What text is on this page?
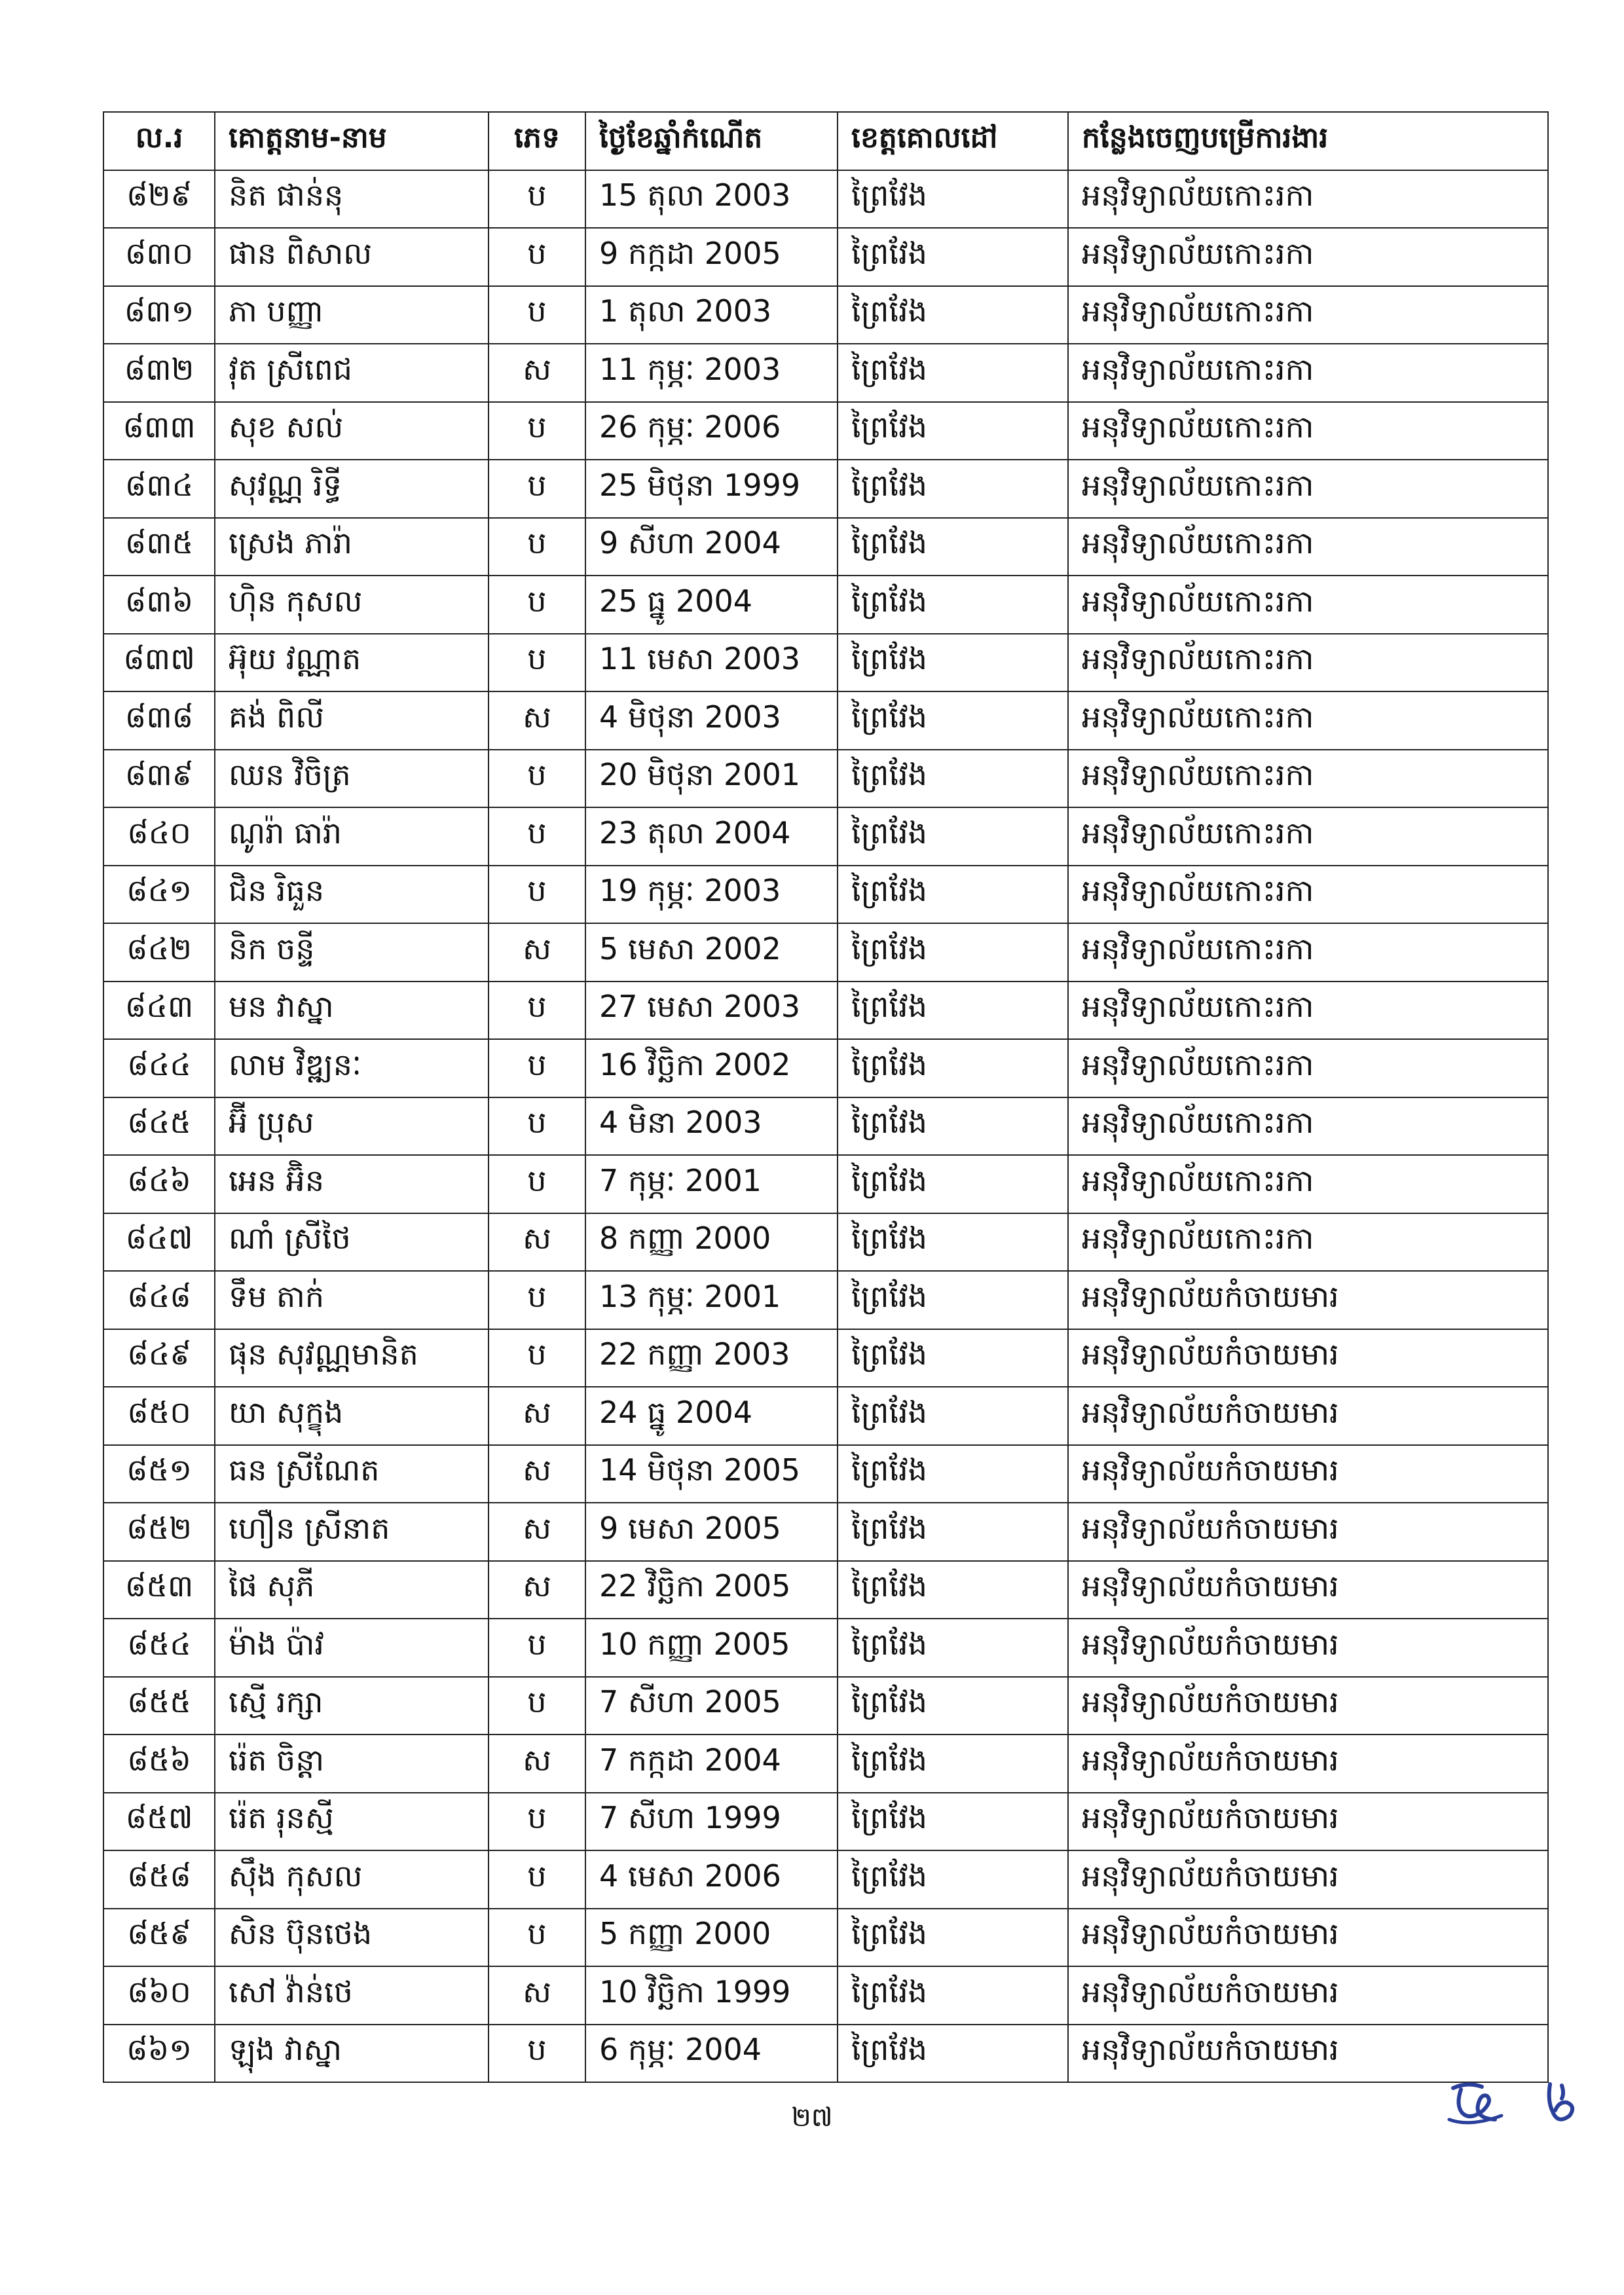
ល.រ	គោត្តនាម-នាម	ភេទ	ថ្ងៃខែឆ្នាំកំណើត	ខេត្តគោលដៅ	កន្លែងចេញបម្រើការងារ
៨២៩	និត ផាន់នុ	ប	15 តុលា 2003	ព្រៃវែង	អនុវិទ្យាល័យកោះរកា
៨៣០	ផាន ពិសាល	ប	9 កក្កដា 2005	ព្រៃវែង	អនុវិទ្យាល័យកោះរកា
៨៣១	ភា បញ្ញា	ប	1 តុលា 2003	ព្រៃវែង	អនុវិទ្យាល័យកោះរកា
៨៣២	វុត ស្រីពេជ	ស	11 កុម្ភៈ 2003	ព្រៃវែង	អនុវិទ្យាល័យកោះរកា
៨៣៣	សុខ សល់	ប	26 កុម្ភៈ 2006	ព្រៃវែង	អនុវិទ្យាល័យកោះរកា
៨៣៤	សុវណ្ណ រិទ្ធី	ប	25 មិថុនា 1999	ព្រៃវែង	អនុវិទ្យាល័យកោះរកា
៨៣៥	ស្រេង ភារ៉ា	ប	9 សីហា 2004	ព្រៃវែង	អនុវិទ្យាល័យកោះរកា
៨៣៦	ហ៊ិន កុសល	ប	25 ធ្នូ 2004	ព្រៃវែង	អនុវិទ្យាល័យកោះរកា
៨៣៧	អ៊ុយ វណ្ណាត	ប	11 មេសា 2003	ព្រៃវែង	អនុវិទ្យាល័យកោះរកា
៨៣៨	គង់ ពិលី	ស	4 មិថុនា 2003	ព្រៃវែង	អនុវិទ្យាល័យកោះរកា
៨៣៩	ឈន វិចិត្រ	ប	20 មិថុនា 2001	ព្រៃវែង	អនុវិទ្យាល័យកោះរកា
៨៤០	ណូរ៉ា ធារ៉ា	ប	23 តុលា 2004	ព្រៃវែង	អនុវិទ្យាល័យកោះរកា
៨៤១	ជិន រិធួន	ប	19 កុម្ភៈ 2003	ព្រៃវែង	អនុវិទ្យាល័យកោះរកា
៨៤២	និក ចន្ទី	ស	5 មេសា 2002	ព្រៃវែង	អនុវិទ្យាល័យកោះរកា
៨៤៣	មន វាស្នា	ប	27 មេសា 2003	ព្រៃវែង	អនុវិទ្យាល័យកោះរកា
៨៤៤	លាម វិឌ្ឍនៈ	ប	16 វិច្ឆិកា 2002	ព្រៃវែង	អនុវិទ្យាល័យកោះរកា
៨៤៥	អ៊ី ប្រុស	ប	4 មិនា 2003	ព្រៃវែង	អនុវិទ្យាល័យកោះរកា
៨៤៦	អេន អ៊ិន	ប	7 កុម្ភៈ 2001	ព្រៃវែង	អនុវិទ្យាល័យកោះរកា
៨៤៧	ណាំ ស្រីថៃ	ស	8 កញ្ញា 2000	ព្រៃវែង	អនុវិទ្យាល័យកោះរកា
៨៤៨	ទឹម តាក់	ប	13 កុម្ភៈ 2001	ព្រៃវែង	អនុវិទ្យាល័យកំចាយមារ
៨៤៩	ផុន សុវណ្ណមានិត	ប	22 កញ្ញា 2003	ព្រៃវែង	អនុវិទ្យាល័យកំចាយមារ
៨៥០	យា សុក្ខុង	ស	24 ធ្នូ 2004	ព្រៃវែង	អនុវិទ្យាល័យកំចាយមារ
៨៥១	ធន ស្រីណែត	ស	14 មិថុនា 2005	ព្រៃវែង	អនុវិទ្យាល័យកំចាយមារ
៨៥២	ហឿន ស្រីនាត	ស	9 មេសា 2005	ព្រៃវែង	អនុវិទ្យាល័យកំចាយមារ
៨៥៣	ផៃ សុភី	ស	22 វិច្ឆិកា 2005	ព្រៃវែង	អនុវិទ្យាល័យកំចាយមារ
៨៥៤	ម៉ាង ប៉ាវ	ប	10 កញ្ញា 2005	ព្រៃវែង	អនុវិទ្យាល័យកំចាយមារ
៨៥៥	ស្មើ រក្សា	ប	7 សីហា 2005	ព្រៃវែង	អនុវិទ្យាល័យកំចាយមារ
៨៥៦	រ៉េត ចិន្តា	ស	7 កក្កដា 2004	ព្រៃវែង	អនុវិទ្យាល័យកំចាយមារ
៨៥៧	រ៉េត រុនស្មី	ប	7 សីហា 1999	ព្រៃវែង	អនុវិទ្យាល័យកំចាយមារ
៨៥៨	ស៊ឹង កុសល	ប	4 មេសា 2006	ព្រៃវែង	អនុវិទ្យាល័យកំចាយមារ
៨៥៩	សិន ប៊ុនថេង	ប	5 កញ្ញា 2000	ព្រៃវែង	អនុវិទ្យាល័យកំចាយមារ
៨៦០	សៅ វ៉ាន់ថេ	ស	10 វិច្ឆិកា 1999	ព្រៃវែង	អនុវិទ្យាល័យកំចាយមារ
៨៦១	ឡុង វាស្នា	ប	6 កុម្ភៈ 2004	ព្រៃវែង	អនុវិទ្យាល័យកំចាយមារ
២៧
